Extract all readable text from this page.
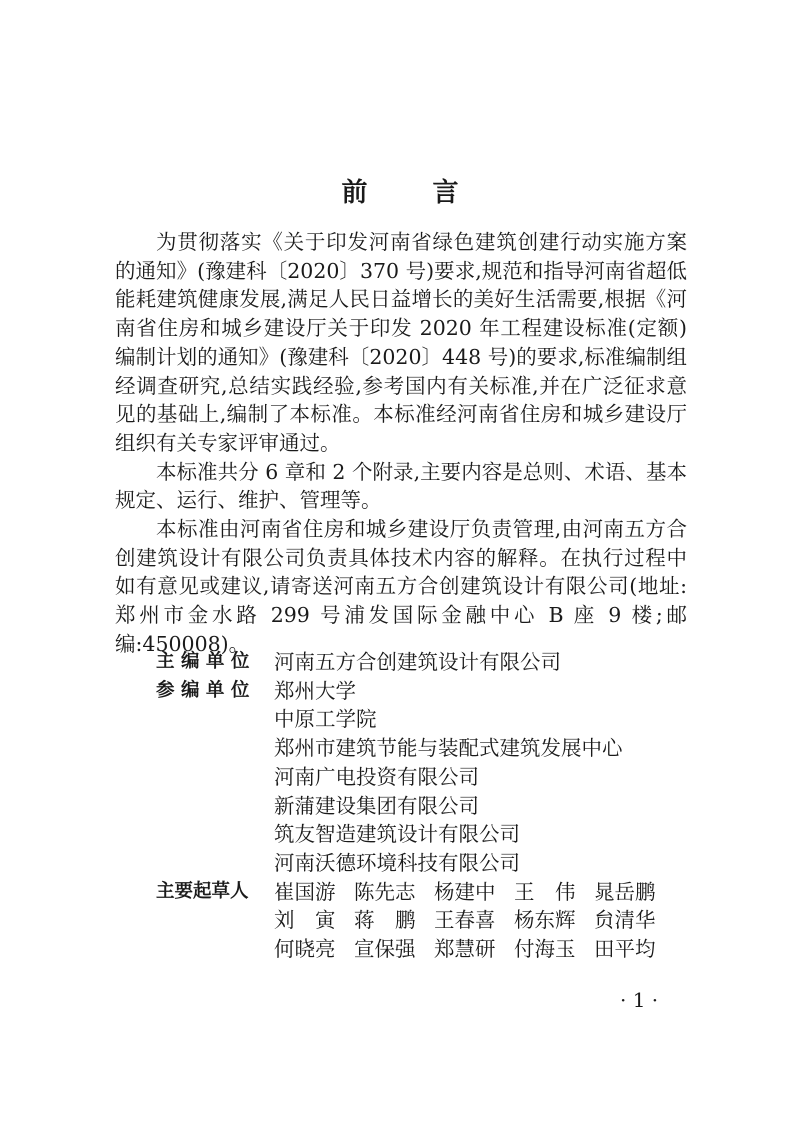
前 言

为贯彻落实《关于印发河南省绿色建筑创建行动实施方案的通知》(豫建科〔2020〕370 号)要求,规范和指导河南省超低能耗建筑健康发展,满足人民日益增长的美好生活需要,根据《河南省住房和城乡建设厅关于印发 2020 年工程建设标准(定额)编制计划的通知》(豫建科〔2020〕448 号)的要求,标准编制组经调查研究,总结实践经验,参考国内有关标准,并在广泛征求意见的基础上,编制了本标准。本标准经河南省住房和城乡建设厅组织有关专家评审通过。

本标准共分 6 章和 2 个附录,主要内容是总则、术语、基本规定、运行、维护、管理等。

本标准由河南省住房和城乡建设厅负责管理,由河南五方合创建筑设计有限公司负责具体技术内容的解释。在执行过程中如有意见或建议,请寄送河南五方合创建筑设计有限公司(地址:郑州市金水路 299 号浦发国际金融中心 B 座 9 楼;邮编:450008)。

主 编 单 位	河南五方合创建筑设计有限公司
参 编 单 位	郑州大学
中原工学院
郑州市建筑节能与装配式建筑发展中心
河南广电投资有限公司
新蒲建设集团有限公司
筑友智造建筑设计有限公司
河南沃德环境科技有限公司
主要起草人	崔国游 陈先志 杨建中 王　伟 晁岳鹏
刘　寅 蒋　鹏 王春喜 杨东辉 贠清华
何晓亮 宣保强 郑慧研 付海玉 田平均
· 1 ·
